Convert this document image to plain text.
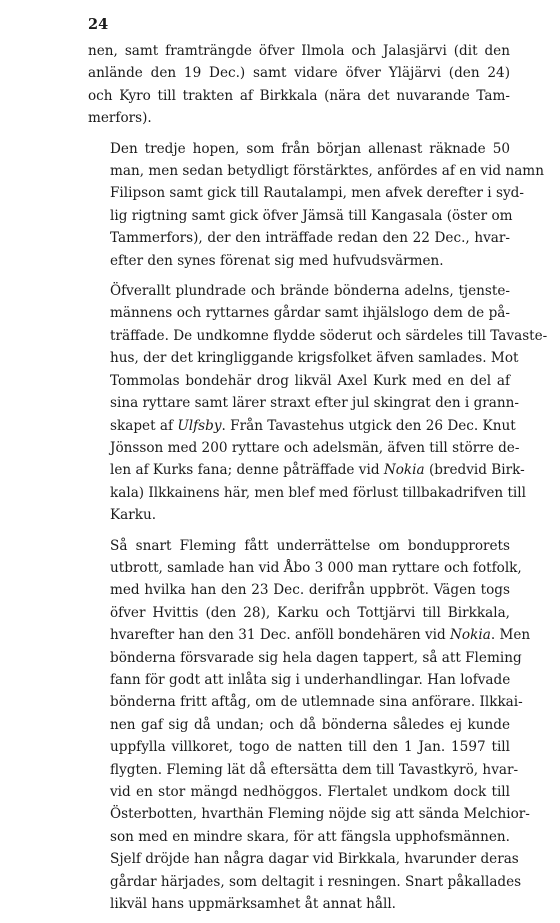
24

nen, samt framträngde öfver Ilmola och Jalasjärvi (dit den
anlände den 19 Dec.) samt vidare öfver Yläjärvi (den 24)
och Kyro till trakten af Birkkala (nära det nuvarande Tam-
merfors).

Den tredje hopen, som från början allenast räknade 50
man, men sedan betydligt förstärktes, anfördes af en vid namn
Filipson samt gick till Rautalampi, men afvek derefter i syd-
lig rigtning samt gick öfver Jämsä till Kangasala (öster om
Tammerfors), der den inträffade redan den 22 Dec., hvar-
efter den synes förenat sig med hufvudsvärmen.

Öfverallt plundrade och brände bönderna adelns, tjenste-
männens och ryttarnes gårdar samt ihjälslogo dem de på-
träffade. De undkomne flydde söderut och särdeles till Tavaste-
hus, der det kringliggande krigsfolket äfven samlades. Mot
Tommolas bondehär drog likväl Axel Kurk med en del af
sina ryttare samt lärer straxt efter jul skingrat den i grann-
skapet af Ulfsby. Från Tavastehus utgick den 26 Dec. Knut
Jönsson med 200 ryttare och adelsmän, äfven till större de-
len af Kurks fana; denne påträffade vid Nokia (bredvid Birk-
kala) Ilkkainens här, men blef med förlust tillbakadrifven till
Karku.

Så snart Fleming fått underrättelse om bondupprorets
utbrott, samlade han vid Åbo 3 000 man ryttare och fotfolk,
med hvilka han den 23 Dec. derifrån uppbröt. Vägen togs
öfver Hvittis (den 28), Karku och Tottjärvi till Birkkala,
hvarefter han den 31 Dec. anföll bondehären vid Nokia. Men
bönderna försvarade sig hela dagen tappert, så att Fleming
fann för godt att inlåta sig i underhandlingar. Han lofvade
bönderna fritt aftåg, om de utlemnade sina anförare. Ilkkai-
nen gaf sig då undan; och då bönderna således ej kunde
uppfylla villkoret, togo de natten till den 1 Jan. 1597 till
flygten. Fleming lät då eftersätta dem till Tavastkyrö, hvar-
vid en stor mängd nedhöggos. Flertalet undkom dock till
Österbotten, hvarthän Fleming nöjde sig att sända Melchior-
son med en mindre skara, för att fängsla upphofsmännen.
Sjelf dröjde han några dagar vid Birkkala, hvarunder deras
gårdar härjades, som deltagit i resningen. Snart påkallades
likväl hans uppmärksamhet åt annat håll.
